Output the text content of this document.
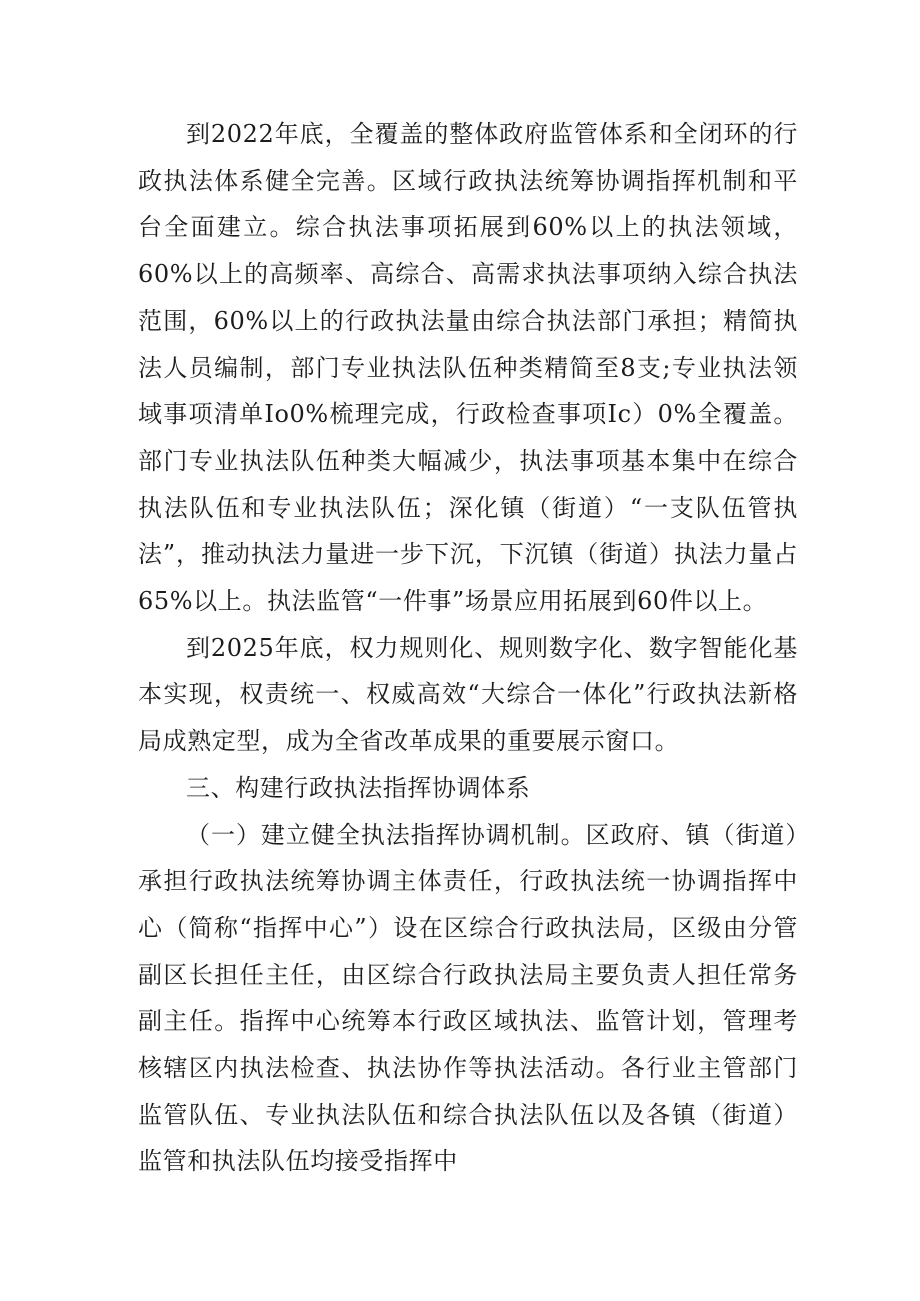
到2022年底，全覆盖的整体政府监管体系和全闭环的行政执法体系健全完善。区域行政执法统筹协调指挥机制和平台全面建立。综合执法事项拓展到60%以上的执法领域，60%以上的高频率、高综合、高需求执法事项纳入综合执法范围，60%以上的行政执法量由综合执法部门承担；精简执法人员编制，部门专业执法队伍种类精简至8支;专业执法领域事项清单Io0%梳理完成，行政检查事项Ic）0%全覆盖。部门专业执法队伍种类大幅减少，执法事项基本集中在综合执法队伍和专业执法队伍；深化镇（街道）“一支队伍管执法”，推动执法力量进一步下沉，下沉镇（街道）执法力量占65%以上。执法监管“一件事”场景应用拓展到60件以上。

到2025年底，权力规则化、规则数字化、数字智能化基本实现，权责统一、权威高效“大综合一体化”行政执法新格局成熟定型，成为全省改革成果的重要展示窗口。

三、构建行政执法指挥协调体系

（一）建立健全执法指挥协调机制。区政府、镇（街道）承担行政执法统筹协调主体责任，行政执法统一协调指挥中心（简称“指挥中心”）设在区综合行政执法局，区级由分管副区长担任主任，由区综合行政执法局主要负责人担任常务副主任。指挥中心统筹本行政区域执法、监管计划，管理考核辖区内执法检查、执法协作等执法活动。各行业主管部门监管队伍、专业执法队伍和综合执法队伍以及各镇（街道）监管和执法队伍均接受指挥中
